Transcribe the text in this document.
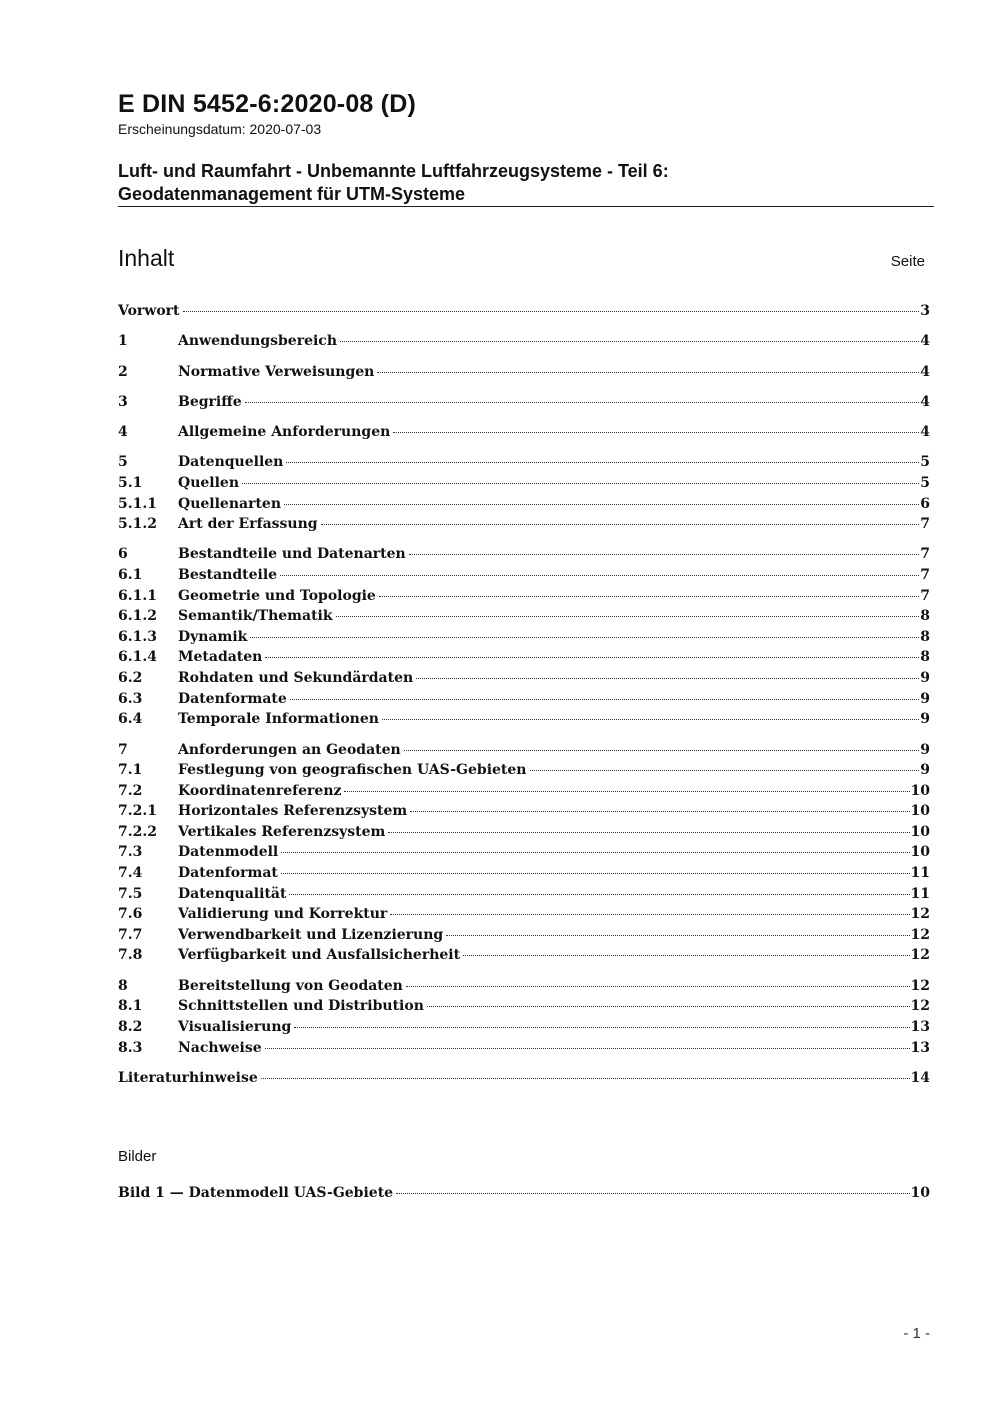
E DIN 5452-6:2020-08 (D)
Erscheinungsdatum: 2020-07-03
Luft- und Raumfahrt - Unbemannte Luftfahrzeugsysteme - Teil 6:
Geodatenmanagement für UTM-Systeme
Inhalt	Seite
Vorwort	3
1	Anwendungsbereich	4
2	Normative Verweisungen	4
3	Begriffe	4
4	Allgemeine Anforderungen	4
5	Datenquellen	5
5.1	Quellen	5
5.1.1	Quellenarten	6
5.1.2	Art der Erfassung	7
6	Bestandteile und Datenarten	7
6.1	Bestandteile	7
6.1.1	Geometrie und Topologie	7
6.1.2	Semantik/Thematik	8
6.1.3	Dynamik	8
6.1.4	Metadaten	8
6.2	Rohdaten und Sekundärdaten	9
6.3	Datenformate	9
6.4	Temporale Informationen	9
7	Anforderungen an Geodaten	9
7.1	Festlegung von geografischen UAS-Gebieten	9
7.2	Koordinatenreferenz	10
7.2.1	Horizontales Referenzsystem	10
7.2.2	Vertikales Referenzsystem	10
7.3	Datenmodell	10
7.4	Datenformat	11
7.5	Datenqualität	11
7.6	Validierung und Korrektur	12
7.7	Verwendbarkeit und Lizenzierung	12
7.8	Verfügbarkeit und Ausfallsicherheit	12
8	Bereitstellung von Geodaten	12
8.1	Schnittstellen und Distribution	12
8.2	Visualisierung	13
8.3	Nachweise	13
Literaturhinweise	14
Bilder
Bild 1 — Datenmodell UAS-Gebiete	10
- 1 -
